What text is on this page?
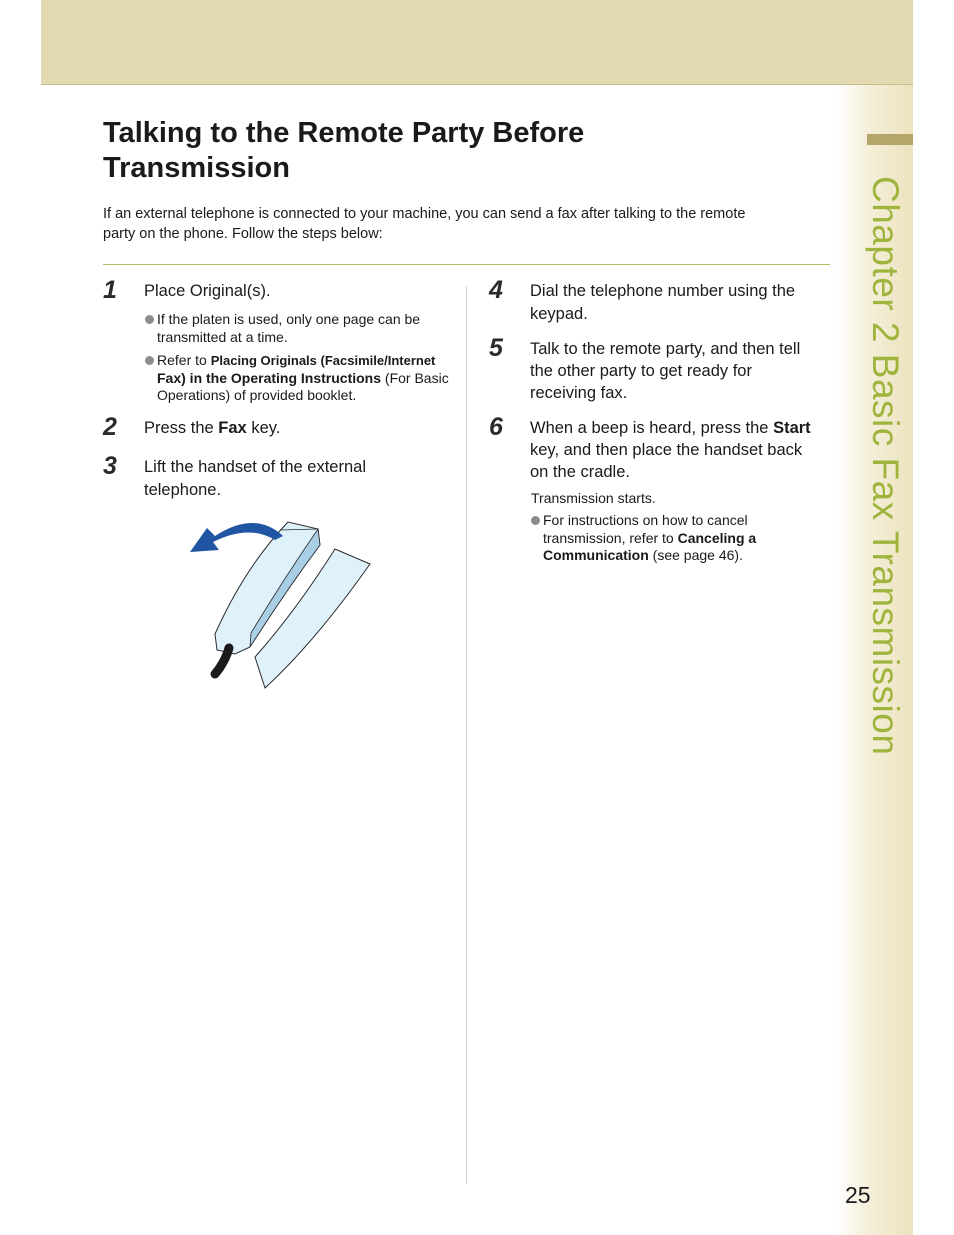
Chapter 2 Basic Fax Transmission
Talking to the Remote Party Before
Transmission

If an external telephone is connected to your machine, you can send a fax after talking to the remote
party on the phone. Follow the steps below:

1 Place Original(s).
If the platen is used, only one page can be
transmitted at a time.
Refer to Placing Originals (Facsimile/Internet
Fax) in the Operating Instructions (For Basic
Operations) of provided booklet.
2 Press the Fax key.
3 Lift the handset of the external
telephone.
4 Dial the telephone number using the
keypad.
5 Talk to the remote party, and then tell
the other party to get ready for
receiving fax.
6 When a beep is heard, press the Start
key, and then place the handset back
on the cradle.
Transmission starts.
For instructions on how to cancel
transmission, refer to Canceling a
Communication (see page 46).
25
